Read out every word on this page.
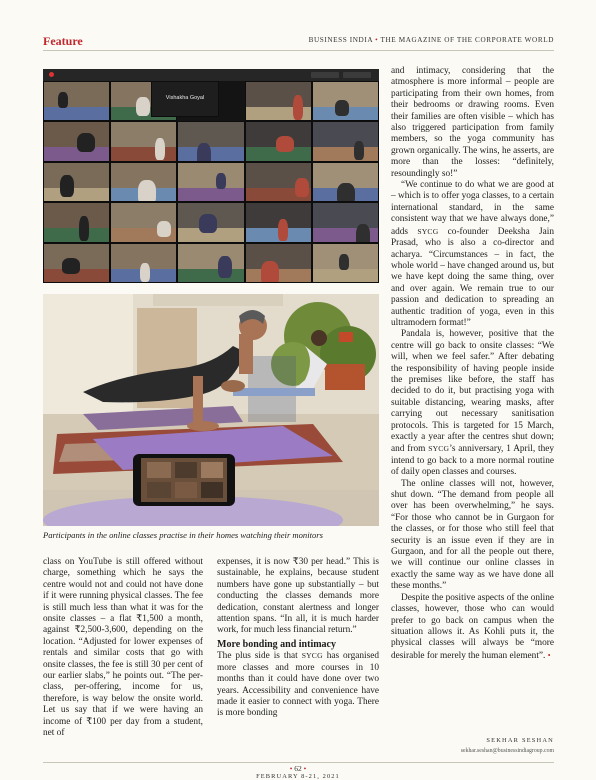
Feature	BUSINESS INDIA • THE MAGAZINE OF THE CORPORATE WORLD
Vishakha Goyal
Participants in the online classes practise in their homes watching their monitors

and intimacy, considering that the atmosphere is more informal – people are participating from their own homes, from their bedrooms or drawing rooms. Even their families are often visible – which has also triggered participation from family members, so the yoga community has grown organically. The wins, he asserts, are more than the losses: “definitely, resoundingly so!”

“We continue to do what we are good at – which is to offer yoga classes, to a certain international standard, in the same consistent way that we have always done,” adds SYCG co-founder Deeksha Jain Prasad, who is also a co-director and acharya. “Circumstances – in fact, the whole world – have changed around us, but we have kept doing the same thing, over and over again. We remain true to our passion and dedication to spreading an authentic tradition of yoga, even in this ultramodern format!”

Pandala is, however, positive that the centre will go back to onsite classes: “We will, when we feel safer.” After debating the responsibility of having people inside the premises like before, the staff has decided to do it, but practising yoga with suitable distancing, wearing masks, after carrying out necessary sanitisation protocols. This is targeted for 15 March, exactly a year after the centres shut down; and from SYCG’s anniversary, 1 April, they intend to go back to a more normal routine of daily open classes and courses.

The online classes will not, however, shut down. “The demand from people all over has been overwhelming,” he says. “For those who cannot be in Gurgaon for the classes, or for those who still feel that security is an issue even if they are in Gurgaon, and for all the people out there, we will continue our online classes in exactly the same way as we have done all these months.”

Despite the positive aspects of the online classes, however, those who can would prefer to go back on campus when the situation allows it. As Kohli puts it, the physical classes will always be “more desirable for merely the human element”. •

class on YouTube is still offered without charge, something which he says the centre would not and could not have done if it were running physical classes. The fee is still much less than what it was for the onsite classes – a flat ₹1,500 a month, against ₹2,500-3,600, depending on the location. “Adjusted for lower expenses of rentals and similar costs that go with onsite classes, the fee is still 30 per cent of our earlier slabs,” he points out. “The per-class, per-offering, income for us, therefore, is way below the onsite world. Let us say that if we were having an income of ₹100 per day from a student, net of

expenses, it is now ₹30 per head.” This is sustainable, he explains, because student numbers have gone up substantially – but conducting the classes demands more dedication, constant alertness and longer attention spans. “In all, it is much harder work, for much less financial return.”

More bonding and intimacy

The plus side is that SYCG has organised more classes and more courses in 10 months than it could have done over two years. Accessibility and convenience have made it easier to connect with yoga. There is more bonding

SEKHAR SESHAN
sekhar.seshan@businessindiagroup.com
• 62 •
FEBRUARY 8-21, 2021
